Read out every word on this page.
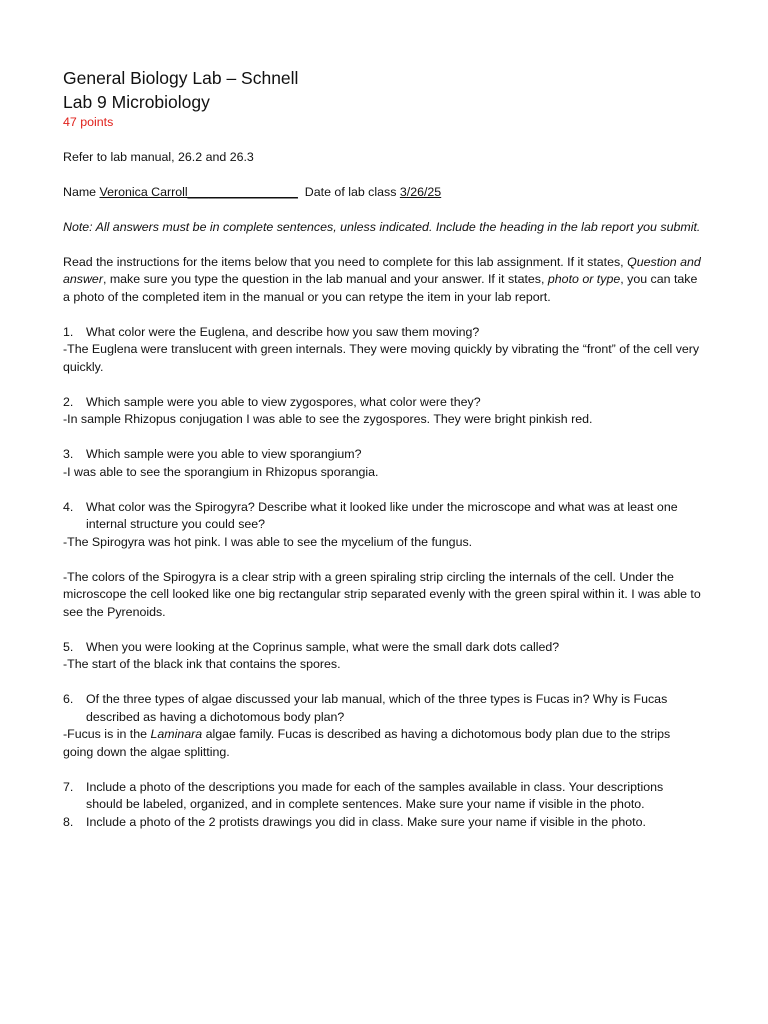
General Biology Lab – Schnell
Lab 9 Microbiology

47 points

Refer to lab manual, 26.2 and 26.3

Name Veronica Carroll________________  Date of lab class 3/26/25

Note: All answers must be in complete sentences, unless indicated. Include the heading in the lab report you submit.

Read the instructions for the items below that you need to complete for this lab assignment. If it states, Question and answer, make sure you type the question in the lab manual and your answer. If it states, photo or type, you can take a photo of the completed item in the manual or you can retype the item in your lab report.

1.	What color were the Euglena, and describe how you saw them moving?

-The Euglena were translucent with green internals. They were moving quickly by vibrating the “front” of the cell very quickly.

2.	Which sample were you able to view zygospores, what color were they?

-In sample Rhizopus conjugation I was able to see the zygospores. They were bright pinkish red.

3.	Which sample were you able to view sporangium?

-I was able to see the sporangium in Rhizopus sporangia.

4.	What color was the Spirogyra? Describe what it looked like under the microscope and what was at least one internal structure you could see?

-The Spirogyra was hot pink. I was able to see the mycelium of the fungus.

-The colors of the Spirogyra is a clear strip with a green spiraling strip circling the internals of the cell. Under the microscope the cell looked like one big rectangular strip separated evenly with the green spiral within it. I was able to see the Pyrenoids.

5.	When you were looking at the Coprinus sample, what were the small dark dots called?

-The start of the black ink that contains the spores.

6.	Of the three types of algae discussed your lab manual, which of the three types is Fucas in? Why is Fucas described as having a dichotomous body plan?

-Fucus is in the Laminara algae family. Fucas is described as having a dichotomous body plan due to the strips going down the algae splitting.

7.	Include a photo of the descriptions you made for each of the samples available in class. Your descriptions should be labeled, organized, and in complete sentences. Make sure your name if visible in the photo.
8.	Include a photo of the 2 protists drawings you did in class. Make sure your name if visible in the photo.
